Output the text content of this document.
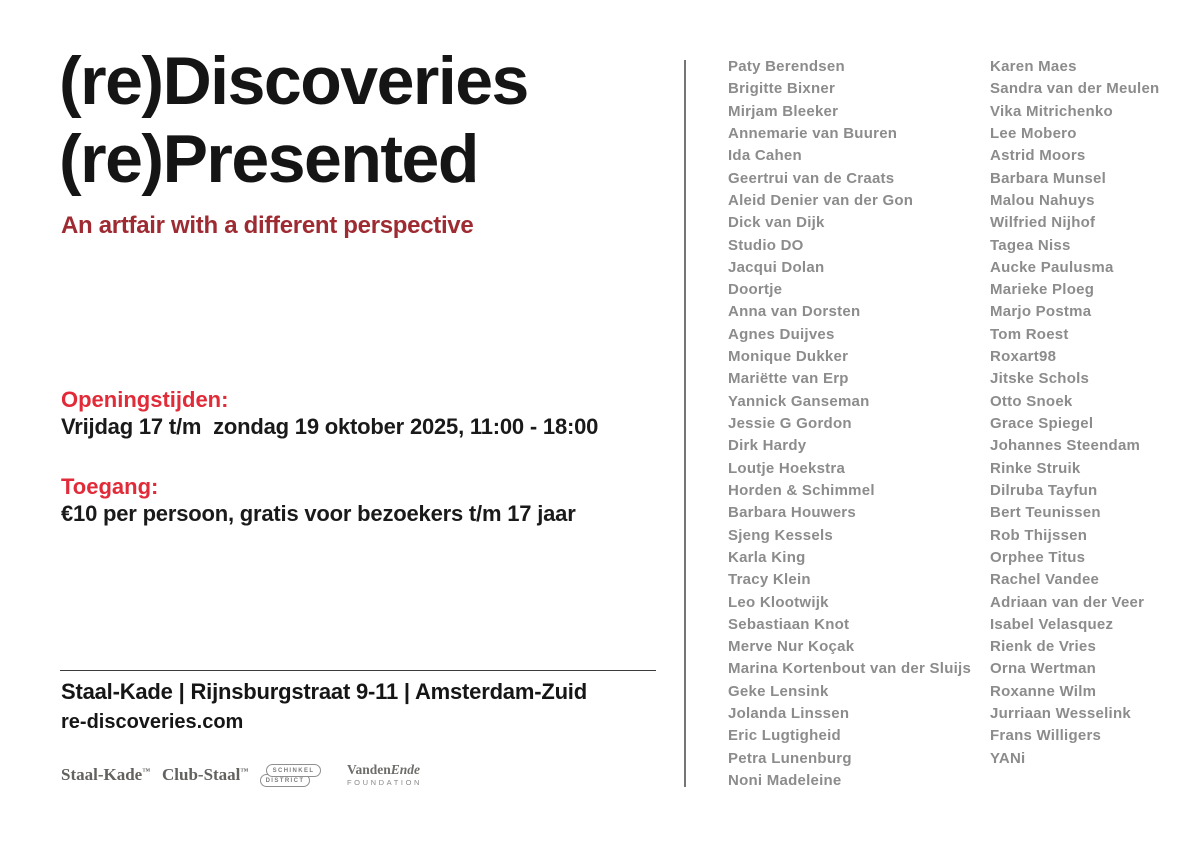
(re)Discoveries
(re)Presented
An artfair with a different perspective
Openingstijden:
Vrijdag 17 t/m  zondag 19 oktober 2025, 11:00 - 18:00
Toegang:
€10 per persoon, gratis voor bezoekers t/m 17 jaar
Staal-Kade | Rijnsburgstraat 9-11 | Amsterdam-Zuid
re-discoveries.com
Staal-Kade™ Club-Staal™	SCHINKEL
DISTRICT
VandenEnde
FOUNDATION
Paty Berendsen
Brigitte Bixner
Mirjam Bleeker
Annemarie van Buuren
Ida Cahen
Geertrui van de Craats
Aleid Denier van der Gon
Dick van Dijk
Studio DO
Jacqui Dolan
Doortje
Anna van Dorsten
Agnes Duijves
Monique Dukker
Mariëtte van Erp
Yannick Ganseman
Jessie G Gordon
Dirk Hardy
Loutje Hoekstra
Horden & Schimmel
Barbara Houwers
Sjeng Kessels
Karla King
Tracy Klein
Leo Klootwijk
Sebastiaan Knot
Merve Nur Koçak
Marina Kortenbout van der Sluijs
Geke Lensink
Jolanda Linssen
Eric Lugtigheid
Petra Lunenburg
Noni Madeleine
Karen Maes
Sandra van der Meulen
Vika Mitrichenko
Lee Mobero
Astrid Moors
Barbara Munsel
Malou Nahuys
Wilfried Nijhof
Tagea Niss
Aucke Paulusma
Marieke Ploeg
Marjo Postma
Tom Roest
Roxart98
Jitske Schols
Otto Snoek
Grace Spiegel
Johannes Steendam
Rinke Struik
Dilruba Tayfun
Bert Teunissen
Rob Thijssen
Orphee Titus
Rachel Vandee
Adriaan van der Veer
Isabel Velasquez
Rienk de Vries
Orna Wertman
Roxanne Wilm
Jurriaan Wesselink
Frans Willigers
YANi
